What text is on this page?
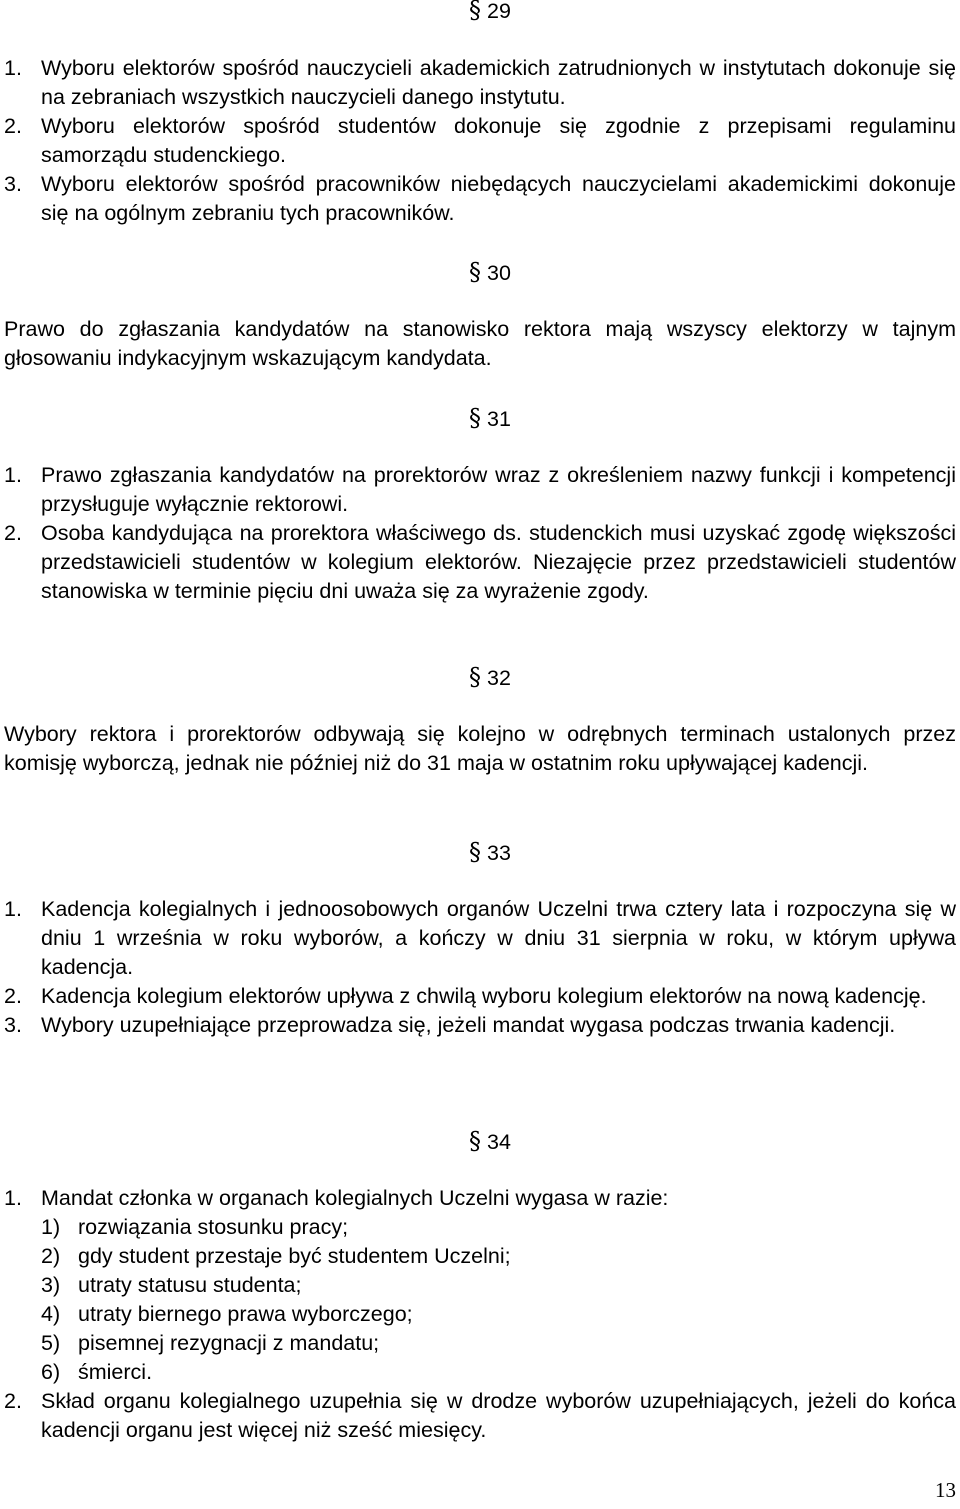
§ 29
1. Wyboru elektorów spośród nauczycieli akademickich zatrudnionych w instytutach dokonuje się na zebraniach wszystkich nauczycieli danego instytutu.
2. Wyboru elektorów spośród studentów dokonuje się zgodnie z przepisami regulaminu samorządu studenckiego.
3. Wyboru elektorów spośród pracowników niebędących nauczycielami akademickimi dokonuje się na ogólnym zebraniu tych pracowników.
§ 30
Prawo do zgłaszania kandydatów na stanowisko rektora mają wszyscy elektorzy w tajnym głosowaniu indykacyjnym wskazującym kandydata.
§ 31
1. Prawo zgłaszania kandydatów na prorektorów wraz z określeniem nazwy funkcji i kompetencji przysługuje wyłącznie rektorowi.
2. Osoba kandydująca na prorektora właściwego ds. studenckich musi uzyskać zgodę większości przedstawicieli studentów w kolegium elektorów. Niezajęcie przez przedstawicieli studentów stanowiska w terminie pięciu dni uważa się za wyrażenie zgody.
§ 32
Wybory rektora i prorektorów odbywają się kolejno w odrębnych terminach ustalonych przez komisję wyborczą, jednak nie później niż do 31 maja w ostatnim roku upływającej kadencji.
§ 33
1. Kadencja kolegialnych i jednoosobowych organów Uczelni trwa cztery lata i rozpoczyna się w dniu 1 września w roku wyborów, a kończy w dniu 31 sierpnia w roku, w którym upływa kadencja.
2. Kadencja kolegium elektorów upływa z chwilą wyboru kolegium elektorów na nową kadencję.
3. Wybory uzupełniające przeprowadza się, jeżeli mandat wygasa podczas trwania kadencji.
§ 34
1. Mandat członka w organach kolegialnych Uczelni wygasa w razie:
1) rozwiązania stosunku pracy;
2) gdy student przestaje być studentem Uczelni;
3) utraty statusu studenta;
4) utraty biernego prawa wyborczego;
5) pisemnej rezygnacji z mandatu;
6) śmierci.
2. Skład organu kolegialnego uzupełnia się w drodze wyborów uzupełniających, jeżeli do końca kadencji organu jest więcej niż sześć miesięcy.
13
